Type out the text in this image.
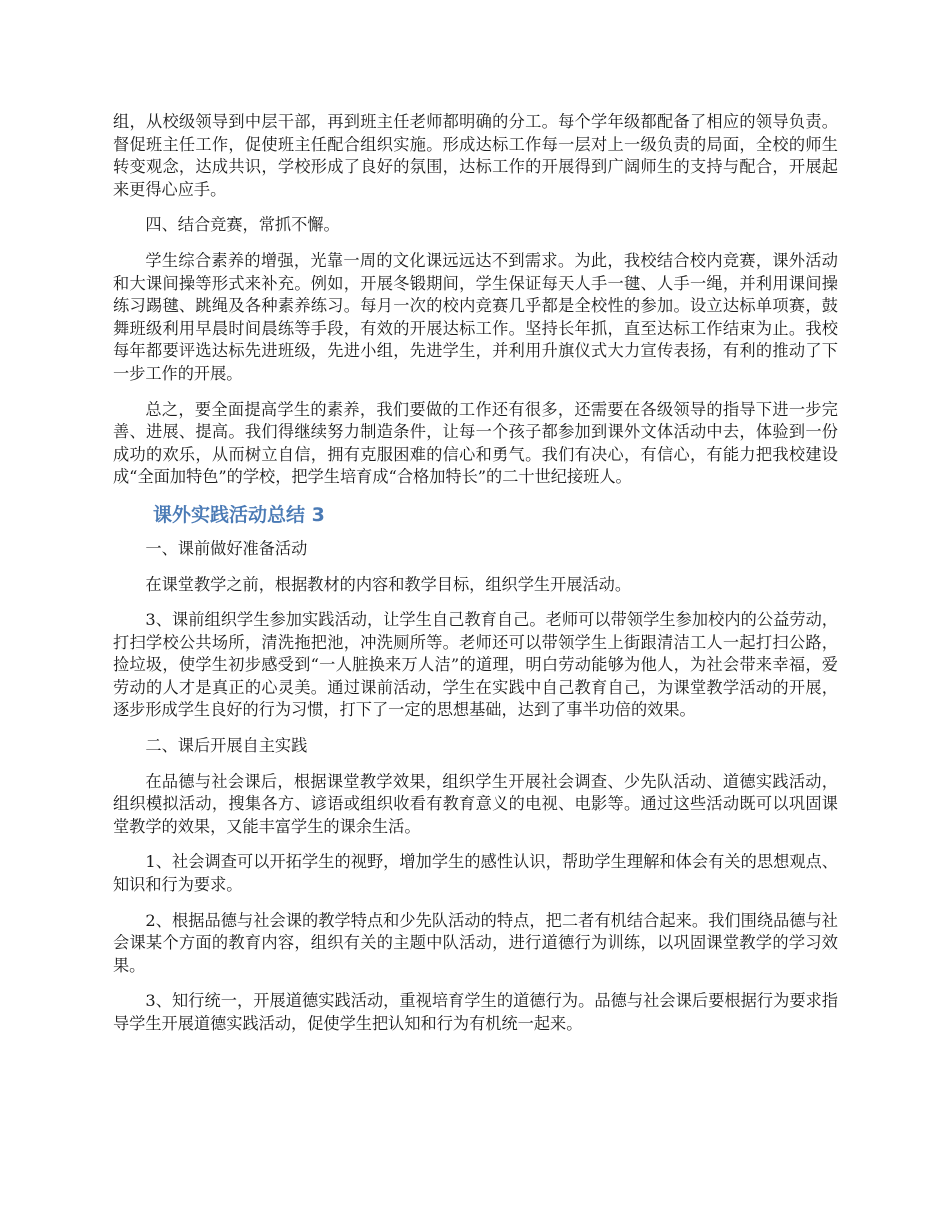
组，从校级领导到中层干部，再到班主任老师都明确的分工。每个学年级都配备了相应的领导负责。督促班主任工作，促使班主任配合组织实施。形成达标工作每一层对上一级负责的局面，全校的师生转变观念，达成共识，学校形成了良好的氛围，达标工作的开展得到广阔师生的支持与配合，开展起来更得心应手。

四、结合竞赛，常抓不懈。

学生综合素养的增强，光靠一周的文化课远远达不到需求。为此，我校结合校内竞赛，课外活动和大课间操等形式来补充。例如，开展冬锻期间，学生保证每天人手一毽、人手一绳，并利用课间操练习踢毽、跳绳及各种素养练习。每月一次的校内竞赛几乎都是全校性的参加。设立达标单项赛，鼓舞班级利用早晨时间晨练等手段，有效的开展达标工作。坚持长年抓，直至达标工作结束为止。我校每年都要评选达标先进班级，先进小组，先进学生，并利用升旗仪式大力宣传表扬，有利的推动了下一步工作的开展。

总之，要全面提高学生的素养，我们要做的工作还有很多，还需要在各级领导的指导下进一步完善、进展、提高。我们得继续努力制造条件，让每一个孩子都参加到课外文体活动中去，体验到一份成功的欢乐，从而树立自信，拥有克服困难的信心和勇气。我们有决心，有信心，有能力把我校建设成“全面加特色”的学校，把学生培育成“合格加特长”的二十世纪接班人。

课外实践活动总结 3

一、课前做好准备活动

在课堂教学之前，根据教材的内容和教学目标，组织学生开展活动。

3、课前组织学生参加实践活动，让学生自己教育自己。老师可以带领学生参加校内的公益劳动，打扫学校公共场所，清洗拖把池，冲洗厕所等。老师还可以带领学生上街跟清洁工人一起打扫公路，捡垃圾，使学生初步感受到“一人脏换来万人洁”的道理，明白劳动能够为他人，为社会带来幸福，爱劳动的人才是真正的心灵美。通过课前活动，学生在实践中自己教育自己，为课堂教学活动的开展，逐步形成学生良好的行为习惯，打下了一定的思想基础，达到了事半功倍的效果。

二、课后开展自主实践

在品德与社会课后，根据课堂教学效果，组织学生开展社会调查、少先队活动、道德实践活动，组织模拟活动，搜集各方、谚语或组织收看有教育意义的电视、电影等。通过这些活动既可以巩固课堂教学的效果，又能丰富学生的课余生活。

1、社会调查可以开拓学生的视野，增加学生的感性认识，帮助学生理解和体会有关的思想观点、知识和行为要求。

2、根据品德与社会课的教学特点和少先队活动的特点，把二者有机结合起来。我们围绕品德与社会课某个方面的教育内容，组织有关的主题中队活动，进行道德行为训练，以巩固课堂教学的学习效果。

3、知行统一，开展道德实践活动，重视培育学生的道德行为。品德与社会课后要根据行为要求指导学生开展道德实践活动，促使学生把认知和行为有机统一起来。
